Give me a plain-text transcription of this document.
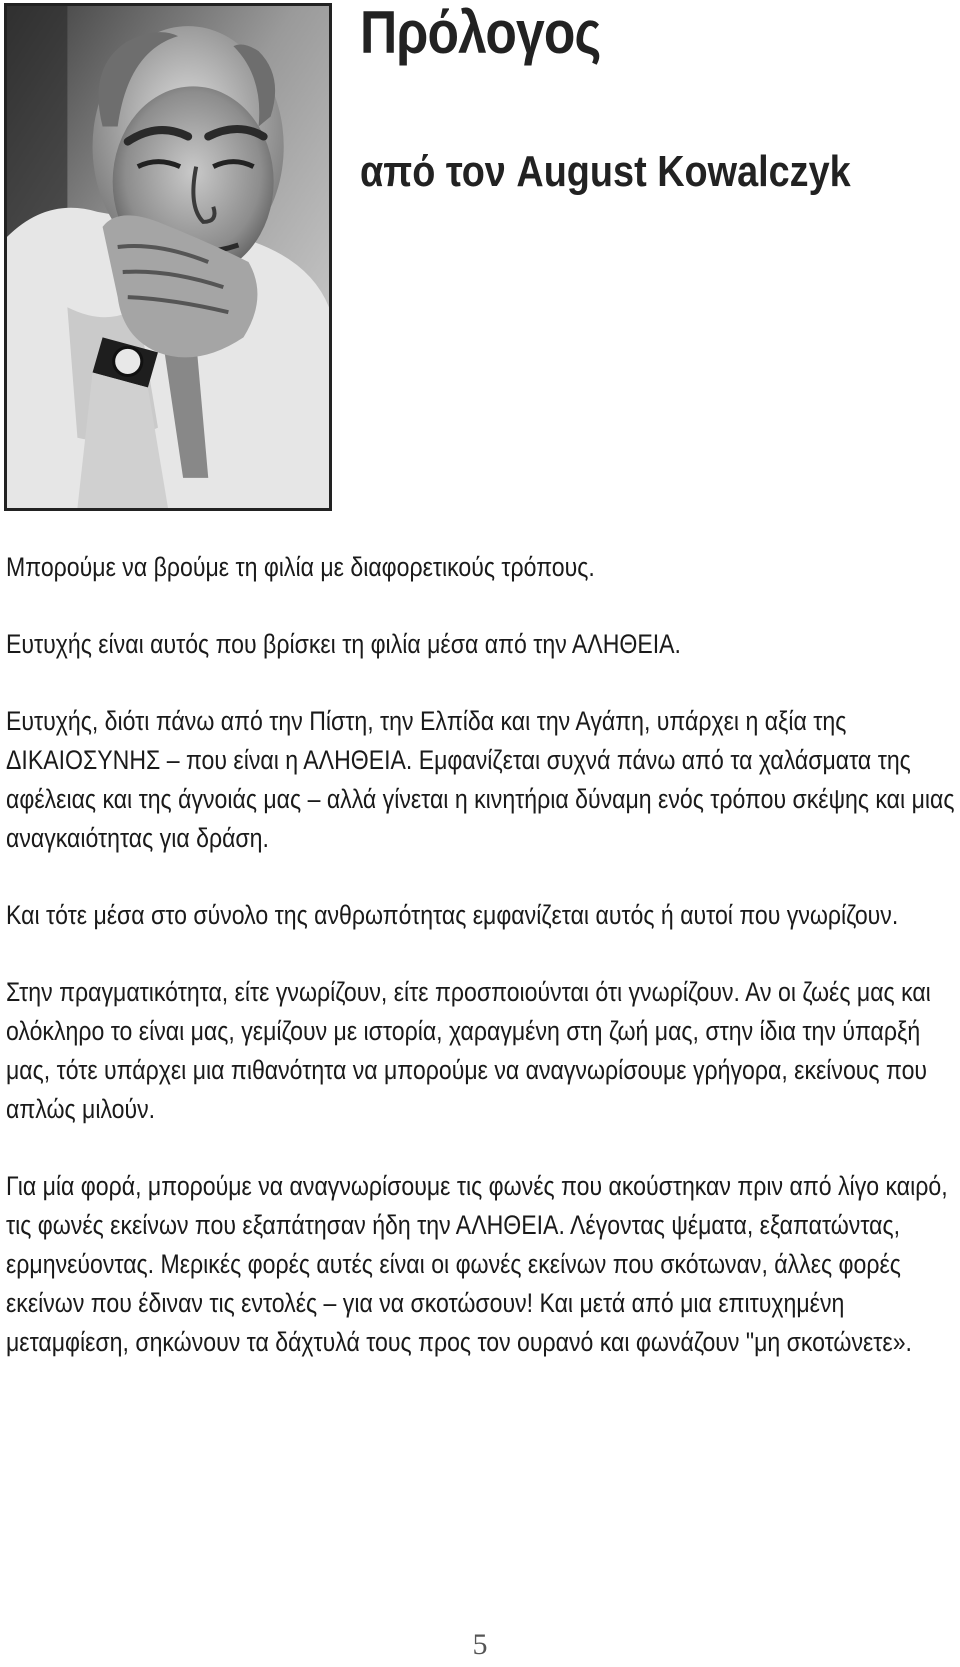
Πρόλογος
από τον August Kowalczyk

Μπορούμε να βρούμε τη φιλία με διαφορετικούς τρόπους.

Ευτυχής είναι αυτός που βρίσκει τη φιλία μέσα από την ΑΛΗΘΕΙΑ.

Ευτυχής, διότι πάνω από την Πίστη, την Ελπίδα και την Αγάπη, υπάρχει η αξία της ΔΙΚΑΙΟΣΥΝΗΣ – που είναι η ΑΛΗΘΕΙΑ. Εμφανίζεται συχνά πάνω από τα χαλάσματα της αφέλειας και της άγνοιάς μας – αλλά γίνεται η κινητήρια δύναμη ενός τρόπου σκέψης και μιας αναγκαιότητας για δράση.

Και τότε μέσα στο σύνολο της ανθρωπότητας εμφανίζεται αυτός ή αυτοί που γνωρίζουν.

Στην πραγματικότητα, είτε γνωρίζουν, είτε προσποιούνται ότι γνωρίζουν. Αν οι ζωές μας και ολόκληρο το είναι μας, γεμίζουν με ιστορία, χαραγμένη στη ζωή μας, στην ίδια την ύπαρξή μας, τότε υπάρχει μια πιθανότητα να μπορούμε να αναγνωρίσουμε γρήγορα, εκείνους που απλώς μιλούν.

Για μία φορά, μπορούμε να αναγνωρίσουμε τις φωνές που ακούστηκαν πριν από λίγο καιρό, τις φωνές εκείνων που εξαπάτησαν ήδη την ΑΛΗΘΕΙΑ. Λέγοντας ψέματα, εξαπατώντας, ερμηνεύοντας. Μερικές φορές αυτές είναι οι φωνές εκείνων που σκότωναν, άλλες φορές εκείνων που έδιναν τις εντολές – για να σκοτώσουν! Και μετά από μια επιτυχημένη μεταμφίεση, σηκώνουν τα δάχτυλά τους προς τον ουρανό και φωνάζουν "μη σκοτώνετε».

5
